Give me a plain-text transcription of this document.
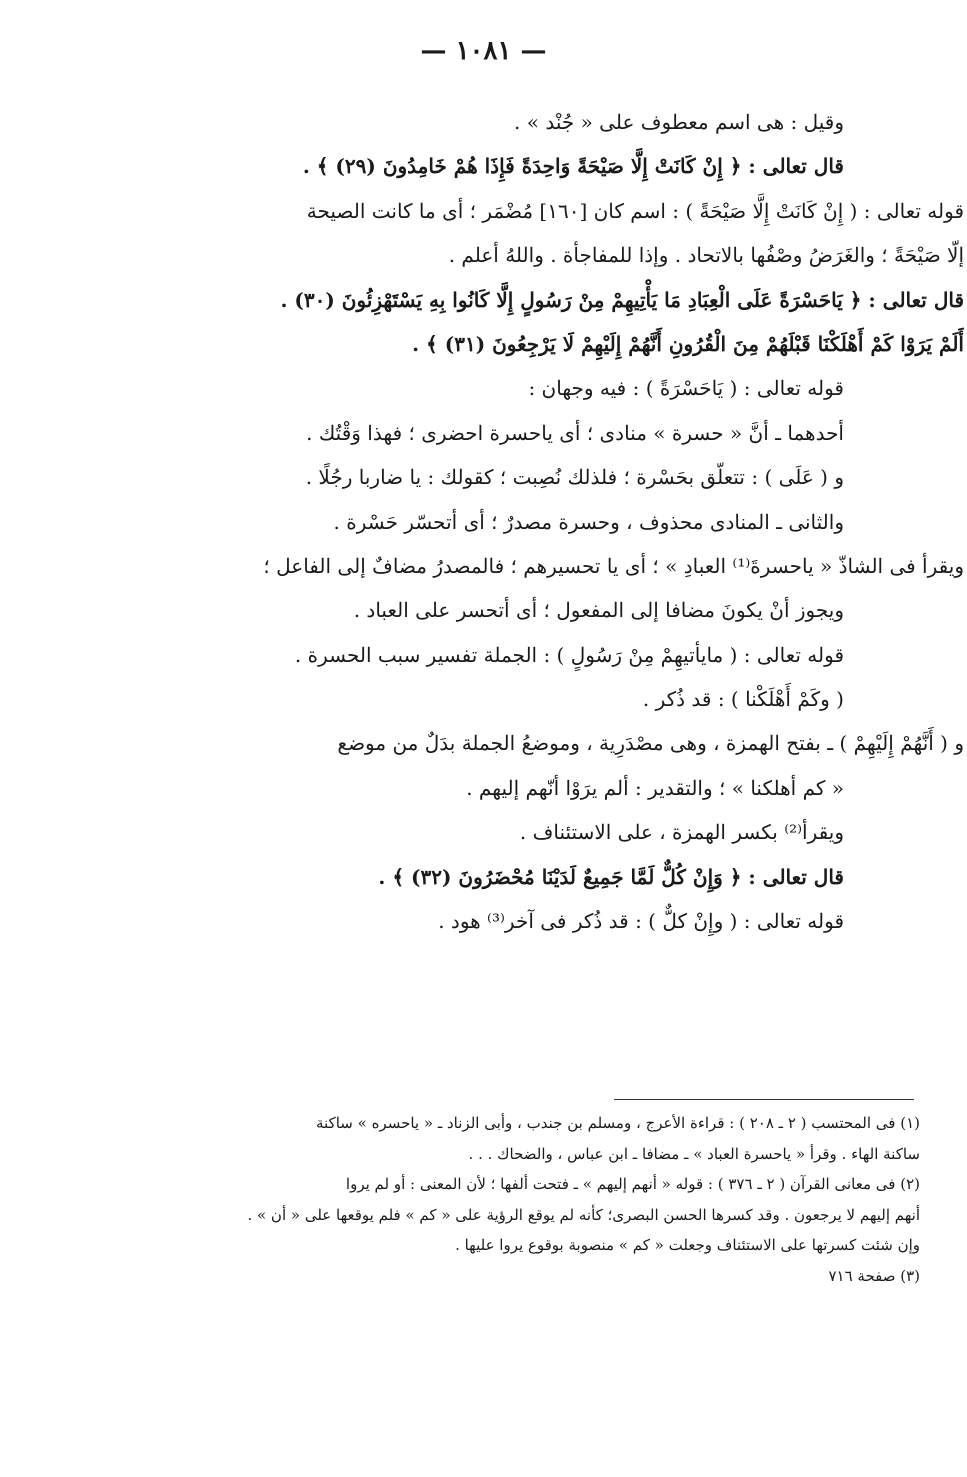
— ١٠٨١ —
وقيل : هى اسم معطوف على « جُنْد » .
قال تعالى : ﴿ إِنْ كَانَتْ إِلَّا صَيْحَةً وَاحِدَةً فَإِذَا هُمْ خَامِدُونَ (٢٩) ﴾ .
قوله تعالى : ( إِنْ كَانَتْ إِلَّا صَيْحَةً ) : اسم كان [١٦٠] مُضْمَر ؛ أى ما كانت الصيحة
إلّا صَيْحَةً ؛ والغَرَضُ وصْفُها بالاتحاد . وإذا للمفاجأة . واللهُ أعلم .
قال تعالى : ﴿ يَاحَسْرَةً عَلَى الْعِبَادِ مَا يَأْتِيهِمْ مِنْ رَسُولٍ إِلَّا كَانُوا بِهِ يَسْتَهْزِئُونَ (٣٠) .
أَلَمْ يَرَوْا كَمْ أَهْلَكْنَا قَبْلَهُمْ مِنَ الْقُرُونِ أَنَّهُمْ إِلَيْهِمْ لَا يَرْجِعُونَ (٣١) ﴾ .
قوله تعالى : ( يَاحَسْرَةً ) : فيه وجهان :
أحدهما ـ أنَّ « حسرة » منادى ؛ أى ياحسرة احضرى ؛ فهذا وَقْتُك .
و ( عَلَى ) : تتعلّق بحَسْرة ؛ فلذلك نُصِبت ؛ كقولك : يا ضاربا رجُلًا .
والثانى ـ المنادى محذوف ، وحسرة مصدرٌ ؛ أى أتحسّر حَسْرة .
ويقرأ فى الشاذّ « ياحسرةَ⁽¹⁾ العبادِ » ؛ أى يا تحسيرهم ؛ فالمصدرُ مضافٌ إلى الفاعل ؛
ويجوز أنْ يكونَ مضافا إلى المفعول ؛ أى أتحسر على العباد .
قوله تعالى : ( مايأتيهِمْ مِنْ رَسُولٍ ) : الجملة تفسير سبب الحسرة .
( وكَمْ أَهْلَكْنا ) : قد ذُكر .
و ( أَنَّهُمْ إِلَيْهِمْ ) ـ بفتح الهمزة ، وهى مصْدَرِية ، وموضعُ الجملة بدَلٌ من موضع
« كم أهلكنا » ؛ والتقدير : ألم يرَوْا أنّهم إليهم .
ويقرأ⁽²⁾ بكسر الهمزة ، على الاستئناف .
قال تعالى : ﴿ وَإِنْ كُلٌّ لَمَّا جَمِيعٌ لَدَيْنَا مُحْضَرُونَ (٣٢) ﴾ .
قوله تعالى : ( وإِنْ كلٌّ ) : قد ذُكر فى آخر⁽³⁾ هود .
(١) فى المحتسب ( ٢ ـ ٢٠٨ ) : قراءة الأعرج ، ومسلم بن جندب ، وأبى الزناد ـ « ياحسره » ساكنة
ساكنة الهاء . وقرأ « ياحسرة العباد » ـ مضافا ـ ابن عباس ، والضحاك . . .
(٢) فى معانى القرآن ( ٢ ـ ٣٧٦ ) : قوله « أنهم إليهم » ـ فتحت ألفها ؛ لأن المعنى : أو لم يروا
أنهم إليهم لا يرجعون . وقد كسرها الحسن البصرى؛ كأنه لم يوقع الرؤية على « كم » فلم يوقعها على « أن » .
وإن شئت كسرتها على الاستئناف وجعلت « كم » منصوبة بوقوع يروا عليها .
(٣) صفحة ٧١٦
